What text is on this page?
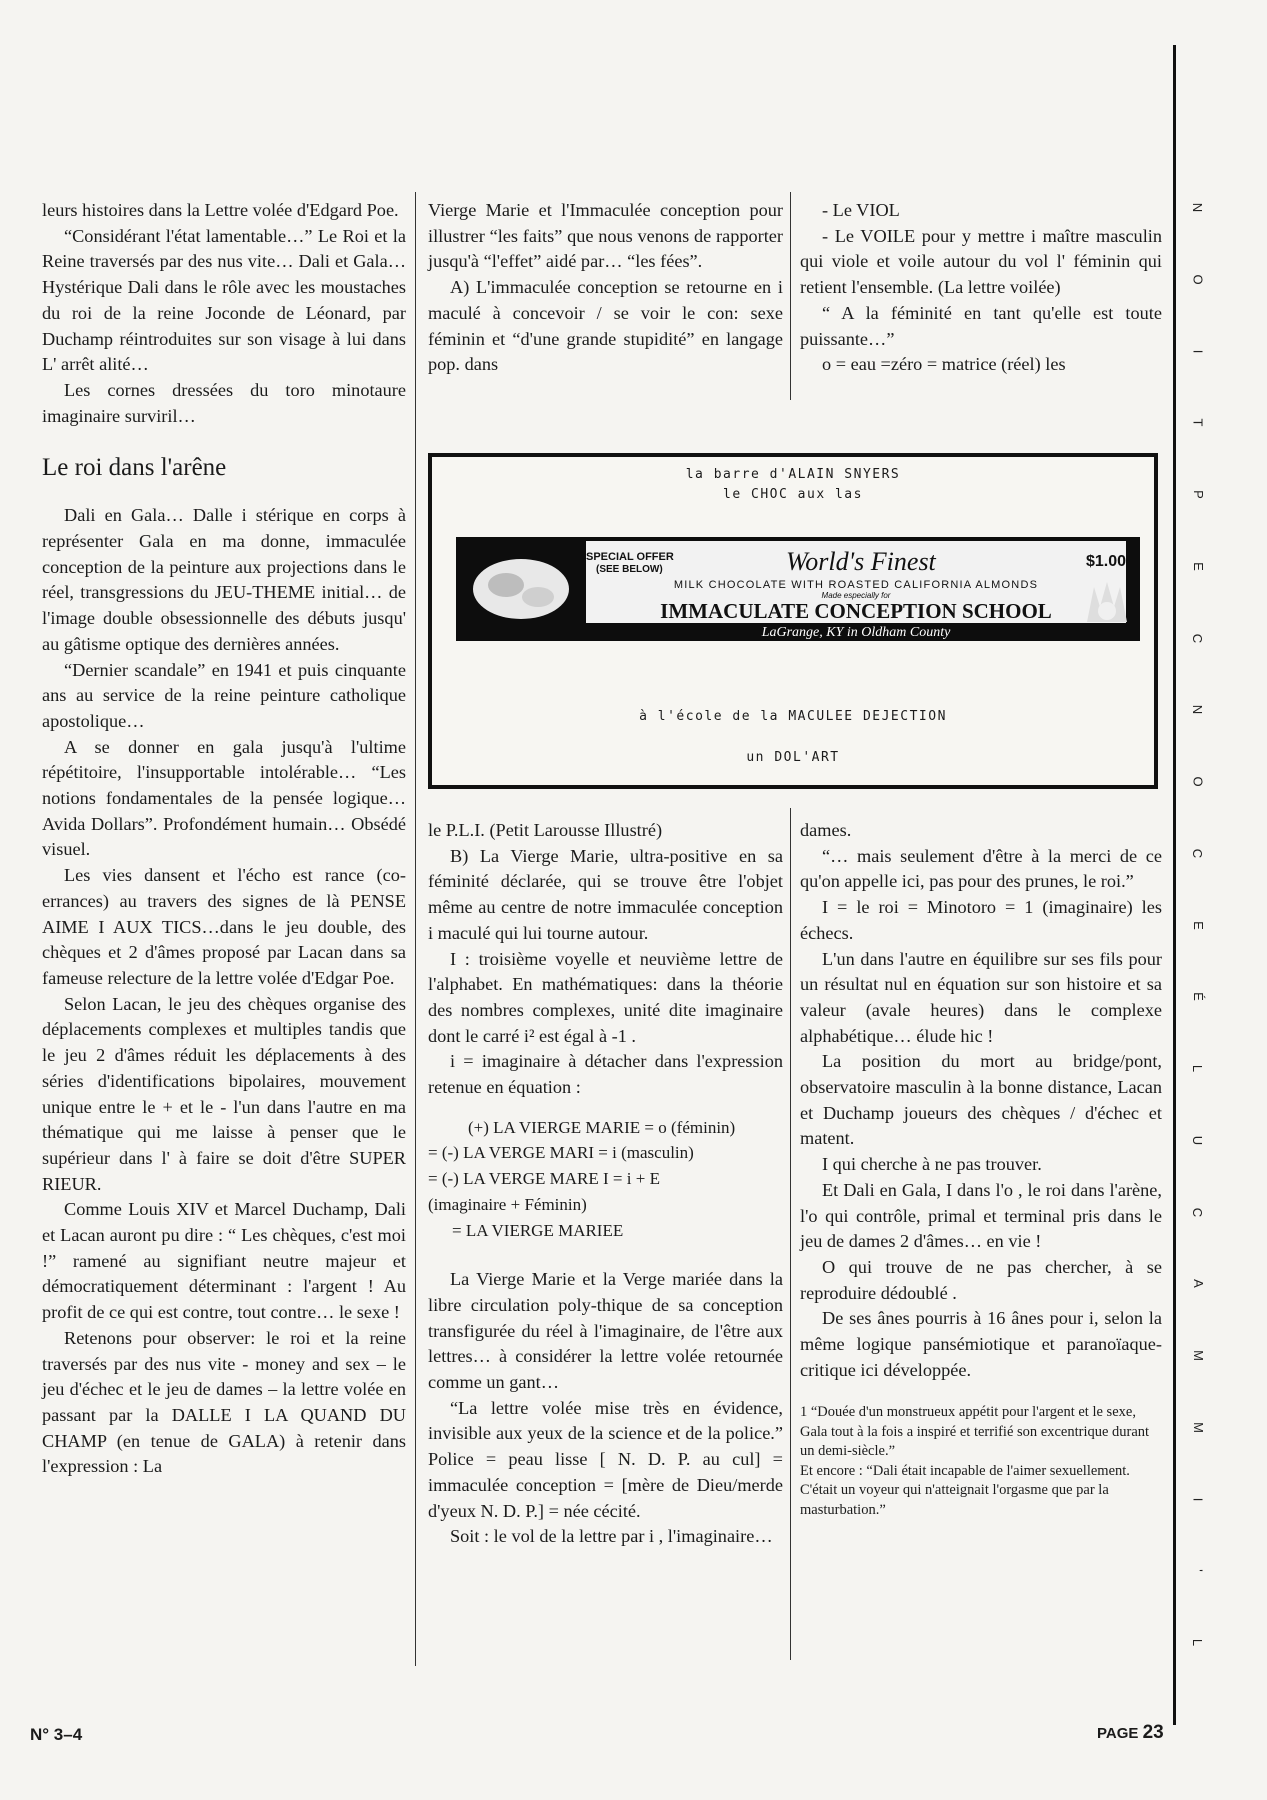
leurs histoires dans la Lettre volée d'Edgard Poe.

“Considérant l'état lamentable…” Le Roi et la Reine traversés par des nus vite… Dali et Gala… Hystérique Dali dans le rôle avec les moustaches du roi de la reine Joconde de Léonard, par Duchamp réintroduites sur son visage à lui dans L' arrêt alité…

Les cornes dressées du toro minotaure imaginaire surviril…

Le roi dans l'arêne

Dali en Gala… Dalle i stérique en corps à représenter Gala en ma donne, immaculée conception de la peinture aux projections dans le réel, transgressions du JEU-THEME initial… de l'image double obsessionnelle des débuts jusqu' au gâtisme optique des dernières années.

“Dernier scandale” en 1941 et puis cinquante ans au service de la reine peinture catholique apostolique…

A se donner en gala jusqu'à l'ultime répétitoire, l'insupportable intolérable… “Les notions fondamentales de la pensée logique… Avida Dollars”. Profondément humain… Obsédé visuel.

Les vies dansent et l'écho est rance (co-errances) au travers des signes de là PENSE AIME I AUX TICS…dans le jeu double, des chèques et 2 d'âmes proposé par Lacan dans sa fameuse relecture de la lettre volée d'Edgar Poe.

Selon Lacan, le jeu des chèques organise des déplacements complexes et multiples tandis que le jeu 2 d'âmes réduit les déplacements à des séries d'identifications bipolaires, mouvement unique entre le + et le - l'un dans l'autre en ma thématique qui me laisse à penser que le supérieur dans l' à faire se doit d'être SUPER RIEUR.

Comme Louis XIV et Marcel Duchamp, Dali et Lacan auront pu dire : “ Les chèques, c'est moi !” ramené au signifiant neutre majeur et démocratiquement déterminant : l'argent ! Au profit de ce qui est contre, tout contre… le sexe !

Retenons pour observer: le roi et la reine traversés par des nus vite - money and sex – le jeu d'échec et le jeu de dames – la lettre volée en passant par la DALLE I LA QUAND DU CHAMP (en tenue de GALA) à retenir dans l'expression : La

Vierge Marie et l'Immaculée conception pour illustrer “les faits” que nous venons de rapporter jusqu'à “l'effet” aidé par… “les fées”.

A) L'immaculée conception se retourne en i maculé à concevoir / se voir le con: sexe féminin et “d'une grande stupidité” en langage pop. dans

- Le VIOL

- Le VOILE pour y mettre i maître masculin qui viole et voile autour du vol l' féminin qui retient l'ensemble. (La lettre voilée)

“ A la féminité en tant qu'elle est toute puissante…”

o = eau =zéro = matrice (réel) les

la barre d'ALAIN SNYERS
le CHOC aux las
SPECIAL OFFER
(SEE BELOW)	World's Finest	$1.00
MILK CHOCOLATE WITH ROASTED CALIFORNIA ALMONDS
Made especially for
IMMACULATE CONCEPTION SCHOOL
LaGrange, KY in Oldham County
à l'école de la MACULEE DEJECTION
un DOL'ART

le P.L.I. (Petit Larousse Illustré)

B) La Vierge Marie, ultra-positive en sa féminité déclarée, qui se trouve être l'objet même au centre de notre immaculée conception i maculé qui lui tourne autour.

I : troisième voyelle et neuvième lettre de l'alphabet. En mathématiques: dans la théorie des nombres complexes, unité dite imaginaire dont le carré i² est égal à -1 .

i = imaginaire à détacher dans l'expression retenue en équation :

(+) LA VIERGE MARIE = o (féminin)

= (-) LA VERGE MARI = i (masculin)

= (-) LA VERGE MARE I = i + E

(imaginaire + Féminin)

= LA VIERGE MARIEE

La Vierge Marie et la Verge mariée dans la libre circulation poly-thique de sa conception transfigurée du réel à l'imaginaire, de l'être aux lettres… à considérer la lettre volée retournée comme un gant…

“La lettre volée mise très en évidence, invisible aux yeux de la science et de la police.” Police = peau lisse [ N. D. P. au cul] = immaculée conception = [mère de Dieu/merde d'yeux N. D. P.] = née cécité.

Soit : le vol de la lettre par i , l'imaginaire…

dames.

“… mais seulement d'être à la merci de ce qu'on appelle ici, pas pour des prunes, le roi.”

I = le roi = Minotoro = 1 (imaginaire) les échecs.

L'un dans l'autre en équilibre sur ses fils pour un résultat nul en équation sur son histoire et sa valeur (avale heures) dans le complexe alphabétique… élude hic !

La position du mort au bridge/pont, observatoire masculin à la bonne distance, Lacan et Duchamp joueurs des chèques / d'échec et matent.

I qui cherche à ne pas trouver.

Et Dali en Gala, I dans l'o , le roi dans l'arène, l'o qui contrôle, primal et terminal pris dans le jeu de dames 2 d'âmes… en vie !

O qui trouve de ne pas chercher, à se reproduire dédoublé .

De ses ânes pourris à 16 ânes pour i, selon la même logique pansémiotique et paranoïaque-critique ici développée.

1 “Douée d'un monstrueux appétit pour l'argent et le sexe, Gala tout à la fois a inspiré et terrifié son excentrique durant un demi-siècle.”
Et encore : “Dali était incapable de l'aimer sexuellement. C'était un voyeur qui n'atteignait l'orgasme que par la masturbation.”
N
O
I
T
P
E
C
N
O
C
E
É
L
U
C
A
M
M
I
'
L
N° 3–4	PAGE 23
